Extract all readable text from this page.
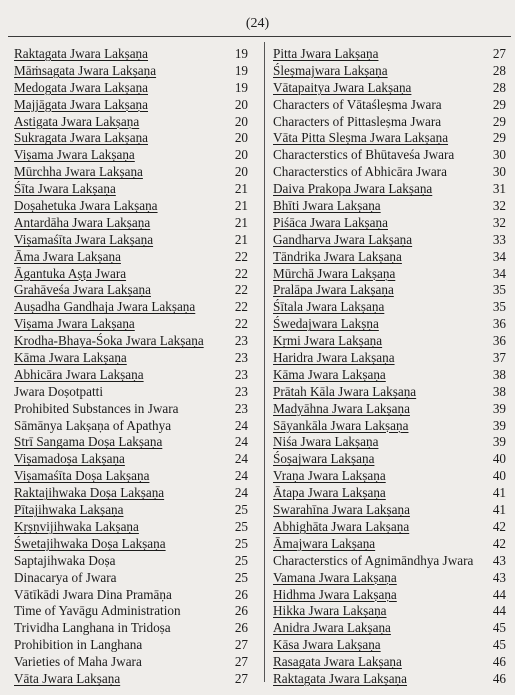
(24)
Raktagata Jwara Lakṣaṇa	19
Māṁsagata Jwara Lakṣaṇa	19
Medogata Jwara Lakṣaṇa	19
Majjāgata Jwara Lakṣaṇa	20
Astigata Jwara Lakṣaṇa	20
Sukragata Jwara Lakṣaṇa	20
Viṣama Jwara Lakṣaṇa	20
Mūrchha Jwara Lakṣaṇa	20
Śīta Jwara Lakṣaṇa	21
Doṣahetuka Jwara Lakṣaṇa	21
Antardāha Jwara Lakṣaṇa	21
Viṣamaśīta Jwara Lakṣaṇa	21
Āma Jwara Lakṣaṇa	22
Āgantuka Aṣṭa Jwara	22
Grahāveśa Jwara Lakṣaṇa	22
Auṣadha Gandhaja Jwara Lakṣaṇa	22
Viṣama Jwara Lakṣaṇa	22
Krodha-Bhaya-Śoka Jwara Lakṣaṇa	23
Kāma Jwara Lakṣaṇa	23
Abhicāra Jwara Lakṣaṇa	23
Jwara Doṣotpatti	23
Prohibited Substances in Jwara	23
Sāmānya Lakṣaṇa of Apathya	24
Strī Sangama Doṣa Lakṣaṇa	24
Viṣamadoṣa Lakṣaṇa	24
Viṣamaśīta Doṣa Lakṣaṇa	24
Raktajihwaka Doṣa Lakṣaṇa	24
Pītajihwaka Lakṣaṇa	25
Kṛṣṇvijihwaka Lakṣaṇa	25
Śwetajihwaka Doṣa Lakṣaṇa	25
Saptajihwaka Doṣa	25
Dinacarya of Jwara	25
Vātīkādi Jwara Dina Pramāṇa	26
Time of Yavāgu Administration	26
Trividha Langhana in Tridoṣa	26
Prohibition in Langhana	27
Varieties of Maha Jwara	27
Vāta Jwara Lakṣaṇa	27
Pitta Jwara Lakṣaṇa	27
Śleṣmajwara Lakṣaṇa	28
Vātapaitya Jwara Lakṣaṇa	28
Characters of Vātaśleṣma Jwara	29
Characters of Pittasleṣma Jwara	29
Vāta Pitta Sleṣma Jwara Lakṣaṇa	29
Characterstics of Bhūtaveśa Jwara	30
Characterstics of Abhicāra Jwara	30
Daiva Prakopa Jwara Lakṣaṇa	31
Bhīti Jwara Lakṣaṇa	32
Piśāca Jwara Lakṣaṇa	32
Gandharva Jwara Lakṣaṇa	33
Tāndrika Jwara Lakṣaṇa	34
Mūrchā Jwara Lakṣaṇa	34
Pralāpa Jwara Lakṣaṇa	35
Śītala Jwara Lakṣaṇa	35
Śwedajwara Lakṣṇa	36
Kṛmi Jwara Lakṣaṇa	36
Haridra Jwara Lakṣaṇa	37
Kāma Jwara Lakṣaṇa	38
Prātah Kāla Jwara Lakṣaṇa	38
Madyāhna Jwara Lakṣaṇa	39
Sāyankāla Jwara Lakṣaṇa	39
Niśa Jwara Lakṣaṇa	39
Śoṣajwara Lakṣaṇa	40
Vraṇa Jwara Lakṣaṇa	40
Ātapa Jwara Lakṣaṇa	41
Swarahīna Jwara Lakṣaṇa	41
Abhighāta Jwara Lakṣaṇa	42
Āmajwara Lakṣaṇa	42
Characterstics of Agnimāndhya Jwara	43
Vamana Jwara Lakṣaṇa	43
Hidhma Jwara Lakṣaṇa	44
Hikka Jwara Lakṣaṇa	44
Anidra Jwara Lakṣaṇa	45
Kāsa Jwara Lakṣaṇa	45
Rasagata Jwara Lakṣaṇa	46
Raktagata Jwara Lakṣaṇa	46
